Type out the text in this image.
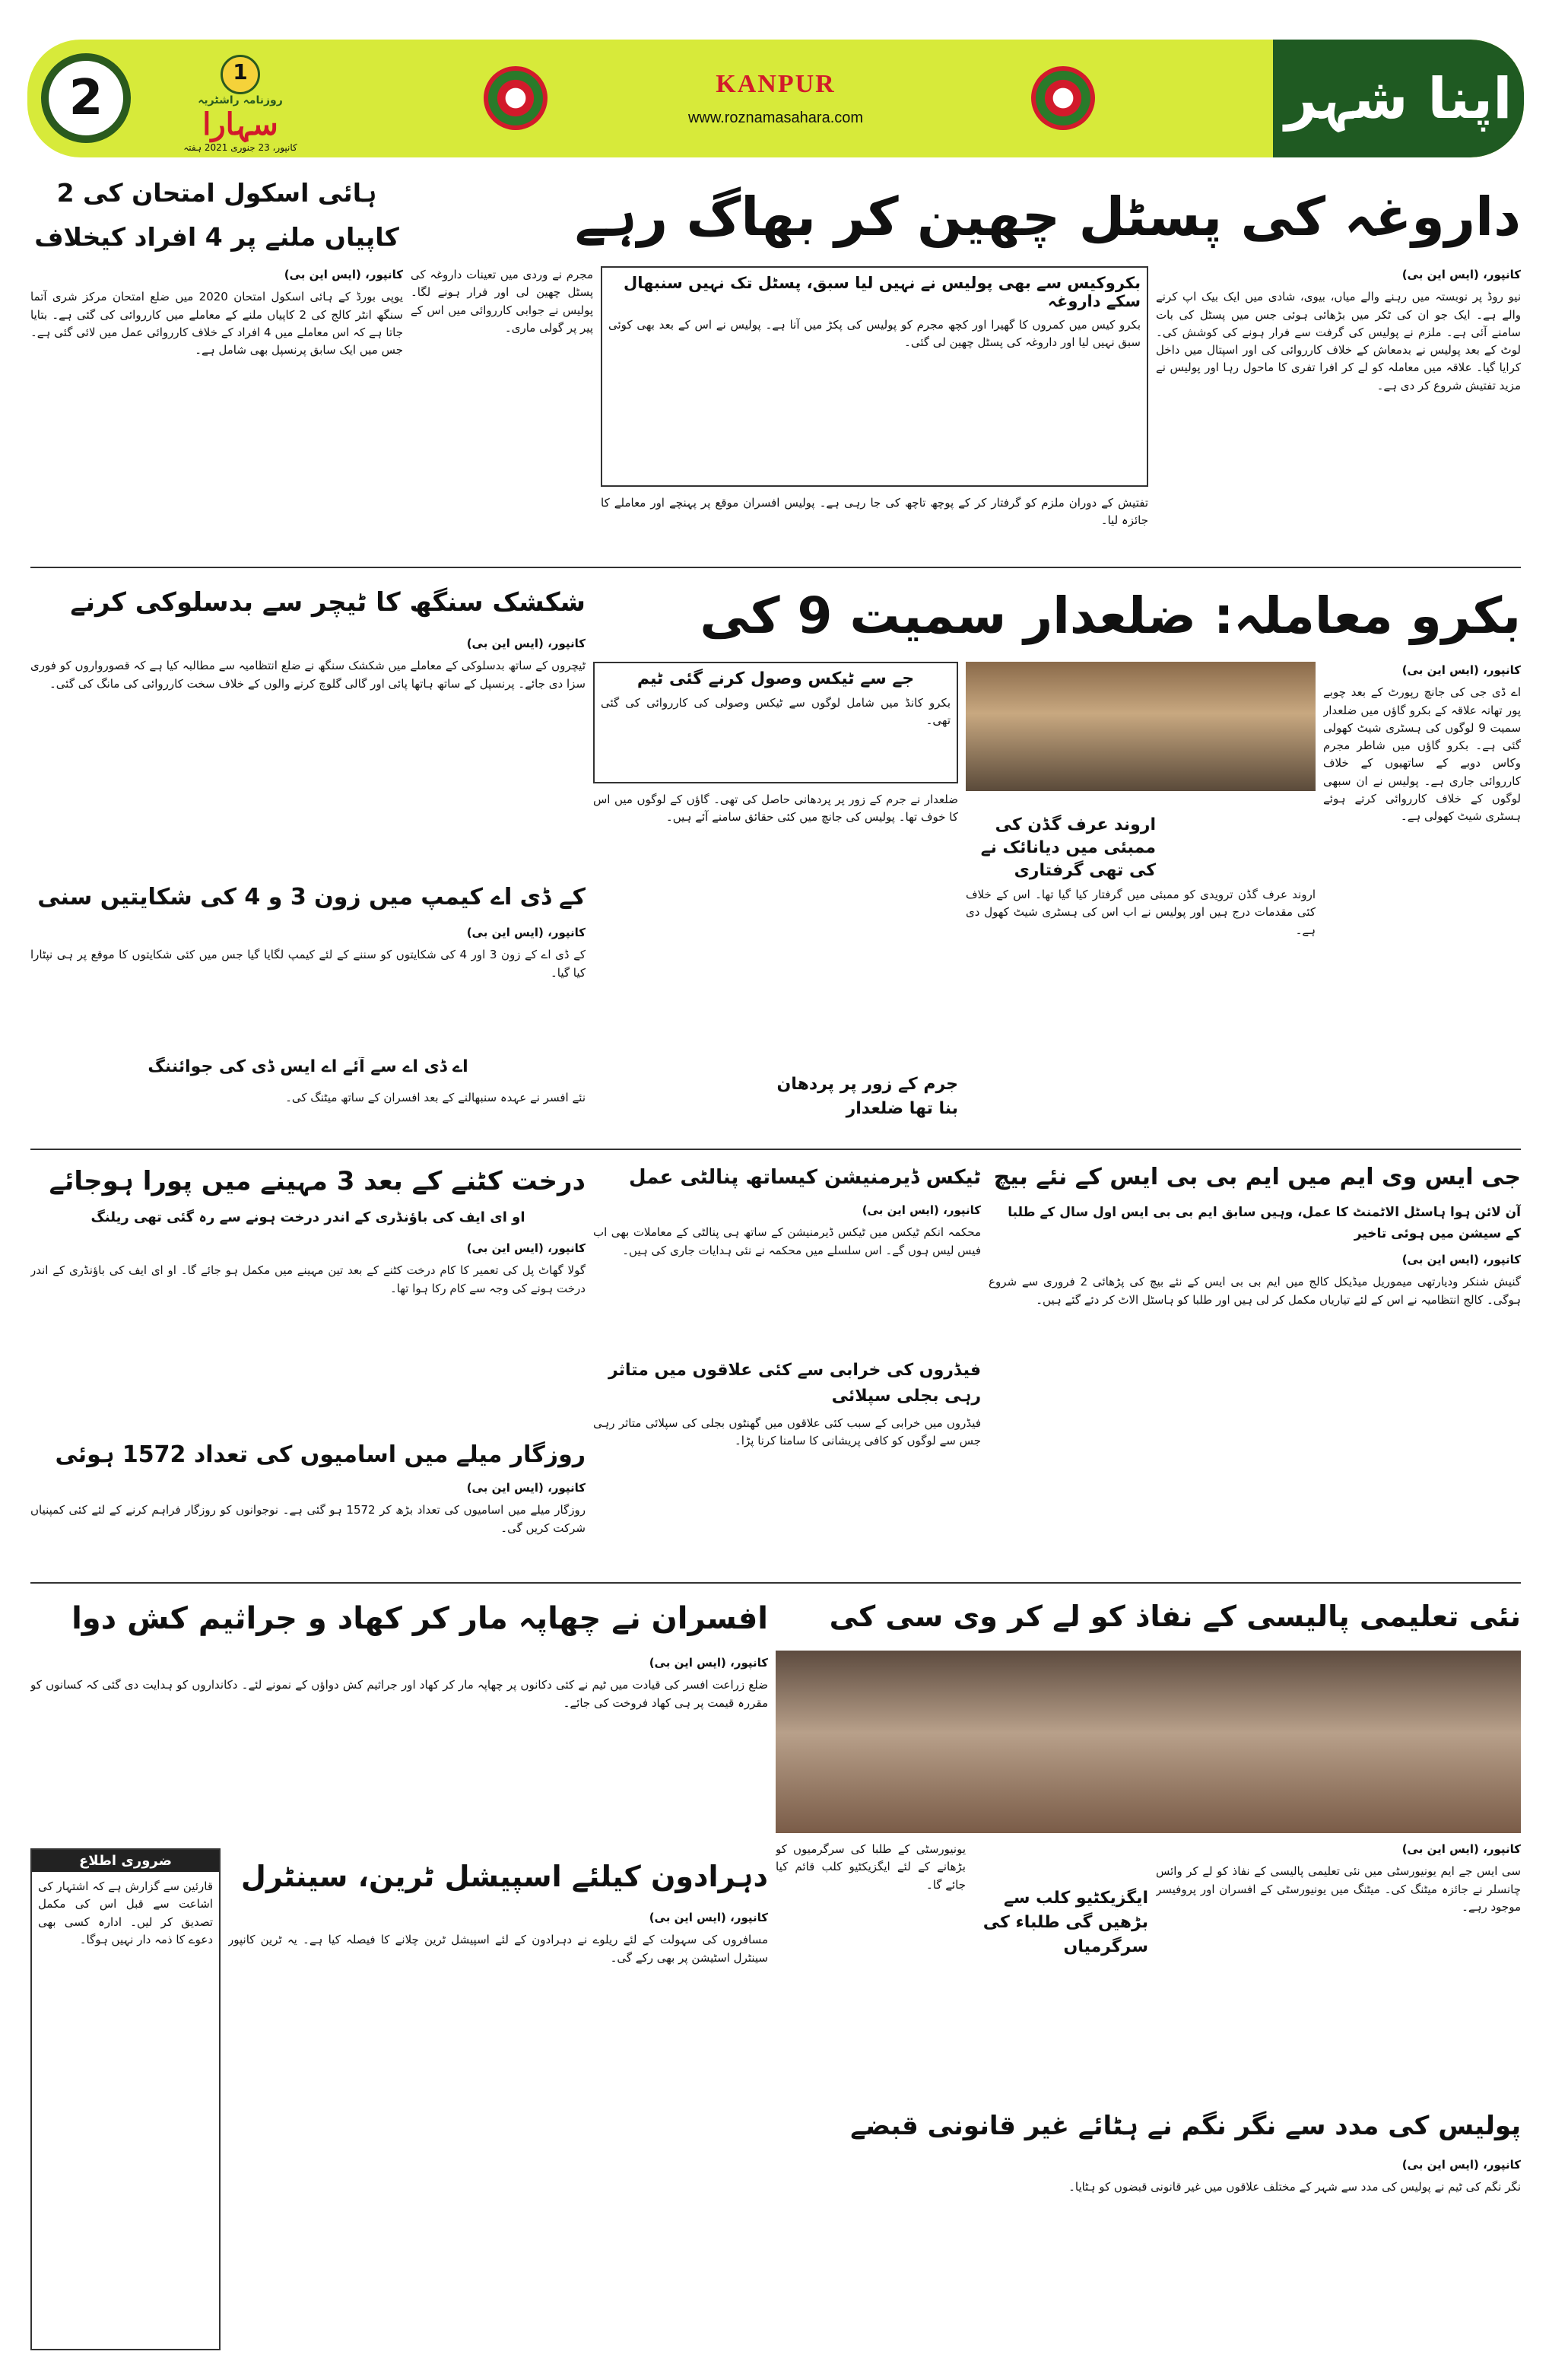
2	1
روزنامہ راشٹریہ
سہارا
کانپور، 23 جنوری 2021 ہفتہ
KANPUR
www.roznamasahara.com	اپنا شہر
داروغہ کی پسٹل چھین کر بھاگ رہے
بکروکیس سے بھی پولیس نے نہیں لیا سبق، پسٹل تک نہیں سنبھال سکے داروغہ
بکرو کیس میں کمروں کا گھیرا اور کچھ مجرم کو پولیس کی پکڑ میں آنا ہے۔ پولیس نے اس کے بعد بھی کوئی سبق نہیں لیا اور داروغہ کی پسٹل چھین لی گئی۔

کانپور، (ایس این بی)

نیو روڈ پر نوبستہ میں رہنے والے میاں، بیوی، شادی میں ایک بیک اپ کرنے والے ہے۔ ایک جو ان کی ٹکر میں بڑھائی ہوئی جس میں پسٹل کی بات سامنے آئی ہے۔ ملزم نے پولیس کی گرفت سے فرار ہونے کی کوشش کی۔ لوٹ کے بعد پولیس نے بدمعاش کے خلاف کارروائی کی اور اسپتال میں داخل کرایا گیا۔ علاقہ میں معاملہ کو لے کر افرا تفری کا ماحول رہا اور پولیس نے مزید تفتیش شروع کر دی ہے۔

مجرم نے وردی میں تعینات داروغہ کی پسٹل چھین لی اور فرار ہونے لگا۔ پولیس نے جوابی کارروائی میں اس کے پیر پر گولی ماری۔

تفتیش کے دوران ملزم کو گرفتار کر کے پوچھ تاچھ کی جا رہی ہے۔ پولیس افسران موقع پر پہنچے اور معاملے کا جائزہ لیا۔

ہائی اسکول امتحان کی 2 کاپیاں ملنے پر 4 افراد کیخلاف

کانپور، (ایس این بی)

یوپی بورڈ کے ہائی اسکول امتحان 2020 میں ضلع امتحان مرکز شری آتما سنگھ انٹر کالج کی 2 کاپیاں ملنے کے معاملے میں کارروائی کی گئی ہے۔ بتایا جاتا ہے کہ اس معاملے میں 4 افراد کے خلاف کارروائی عمل میں لائی گئی ہے۔ جس میں ایک سابق پرنسپل بھی شامل ہے۔

بکرو معاملہ: ضلعدار سمیت 9 کی
جے سے ٹیکس وصول کرنے گئی ٹیم
بکرو کانڈ میں شامل لوگوں سے ٹیکس وصولی کی کارروائی کی گئی تھی۔

کانپور، (ایس این بی)

اے ڈی جی کی جانچ رپورٹ کے بعد چوبے پور تھانہ علاقہ کے بکرو گاؤں میں ضلعدار سمیت 9 لوگوں کی ہسٹری شیٹ کھولی گئی ہے۔ بکرو گاؤں میں شاطر مجرم وکاس دوبے کے ساتھیوں کے خلاف کارروائی جاری ہے۔ پولیس نے ان سبھی لوگوں کے خلاف کارروائی کرتے ہوئے ہسٹری شیٹ کھولی ہے۔

اروند عرف گڈن کی ممبئی میں دیانائک نے کی تھی گرفتاری

اروند عرف گڈن ترویدی کو ممبئی میں گرفتار کیا گیا تھا۔ اس کے خلاف کئی مقدمات درج ہیں اور پولیس نے اب اس کی ہسٹری شیٹ کھول دی ہے۔

جرم کے زور پر پردھان بنا تھا ضلعدار

ضلعدار نے جرم کے زور پر پردھانی حاصل کی تھی۔ گاؤں کے لوگوں میں اس کا خوف تھا۔ پولیس کی جانچ میں کئی حقائق سامنے آئے ہیں۔

شکشک سنگھ کا ٹیچر سے بدسلوکی کرنے

کانپور، (ایس این بی)

ٹیچروں کے ساتھ بدسلوکی کے معاملے میں شکشک سنگھ نے ضلع انتظامیہ سے مطالبہ کیا ہے کہ قصورواروں کو فوری سزا دی جائے۔ پرنسپل کے ساتھ ہاتھا پائی اور گالی گلوچ کرنے والوں کے خلاف سخت کارروائی کی مانگ کی گئی۔

کے ڈی اے کیمپ میں زون 3 و 4 کی شکایتیں سنی

کانپور، (ایس این بی)

کے ڈی اے کے زون 3 اور 4 کی شکایتوں کو سننے کے لئے کیمپ لگایا گیا جس میں کئی شکایتوں کا موقع پر ہی نپٹارا کیا گیا۔

اے ڈی اے سے آئے اے ایس ڈی کی جوائننگ

نئے افسر نے عہدہ سنبھالنے کے بعد افسران کے ساتھ میٹنگ کی۔

جی ایس وی ایم میں ایم بی بی ایس کے نئے بیچ
آن لائن ہوا ہاسٹل الاٹمنٹ کا عمل، وہیں سابق ایم بی بی ایس اول سال کے طلبا کے سیشن میں ہوئی تاخیر

کانپور، (ایس این بی)

گنیش شنکر ودیارتھی میموریل میڈیکل کالج میں ایم بی بی ایس کے نئے بیچ کی پڑھائی 2 فروری سے شروع ہوگی۔ کالج انتظامیہ نے اس کے لئے تیاریاں مکمل کر لی ہیں اور طلبا کو ہاسٹل الاٹ کر دئے گئے ہیں۔

ٹیکس ڈیرمنیشن کیساتھ پنالٹی عمل

کانپور، (ایس این بی)

محکمہ انکم ٹیکس میں ٹیکس ڈیرمنیشن کے ساتھ ہی پنالٹی کے معاملات بھی اب فیس لیس ہوں گے۔ اس سلسلے میں محکمہ نے نئی ہدایات جاری کی ہیں۔

فیڈروں کی خرابی سے کئی علاقوں میں متاثر رہی بجلی سپلائی

فیڈروں میں خرابی کے سبب کئی علاقوں میں گھنٹوں بجلی کی سپلائی متاثر رہی جس سے لوگوں کو کافی پریشانی کا سامنا کرنا پڑا۔

درخت کٹنے کے بعد 3 مہینے میں پورا ہوجائے
او ای ایف کی باؤنڈری کے اندر درخت ہونے سے رہ گئی تھی ریلنگ

کانپور، (ایس این بی)

گولا گھاٹ پل کی تعمیر کا کام درخت کٹنے کے بعد تین مہینے میں مکمل ہو جائے گا۔ او ای ایف کی باؤنڈری کے اندر درخت ہونے کی وجہ سے کام رکا ہوا تھا۔

روزگار میلے میں اسامیوں کی تعداد 1572 ہوئی

کانپور، (ایس این بی)

روزگار میلے میں اسامیوں کی تعداد بڑھ کر 1572 ہو گئی ہے۔ نوجوانوں کو روزگار فراہم کرنے کے لئے کئی کمپنیاں شرکت کریں گی۔

نئی تعلیمی پالیسی کے نفاذ کو لے کر وی سی کی

کانپور، (ایس این بی)

سی ایس جے ایم یونیورسٹی میں نئی تعلیمی پالیسی کے نفاذ کو لے کر وائس چانسلر نے جائزہ میٹنگ کی۔ میٹنگ میں یونیورسٹی کے افسران اور پروفیسر موجود رہے۔

ایگزیکٹیو کلب سے بڑھیں گی طلباء کی سرگرمیاں

یونیورسٹی کے طلبا کی سرگرمیوں کو بڑھانے کے لئے ایگزیکٹیو کلب قائم کیا جائے گا۔

افسران نے چھاپہ مار کر کھاد و جراثیم کش دوا

کانپور، (ایس این بی)

ضلع زراعت افسر کی قیادت میں ٹیم نے کئی دکانوں پر چھاپہ مار کر کھاد اور جراثیم کش دواؤں کے نمونے لئے۔ دکانداروں کو ہدایت دی گئی کہ کسانوں کو مقررہ قیمت پر ہی کھاد فروخت کی جائے۔

دہرادون کیلئے اسپیشل ٹرین، سینٹرل

کانپور، (ایس این بی)

مسافروں کی سہولت کے لئے ریلوے نے دہرادون کے لئے اسپیشل ٹرین چلانے کا فیصلہ کیا ہے۔ یہ ٹرین کانپور سینٹرل اسٹیشن پر بھی رکے گی۔

ضروری اطلاع
قارئین سے گزارش ہے کہ اشتہار کی اشاعت سے قبل اس کی مکمل تصدیق کر لیں۔ ادارہ کسی بھی دعوے کا ذمہ دار نہیں ہوگا۔
پولیس کی مدد سے نگر نگم نے ہٹائے غیر قانونی قبضے

کانپور، (ایس این بی)

نگر نگم کی ٹیم نے پولیس کی مدد سے شہر کے مختلف علاقوں میں غیر قانونی قبضوں کو ہٹایا۔
